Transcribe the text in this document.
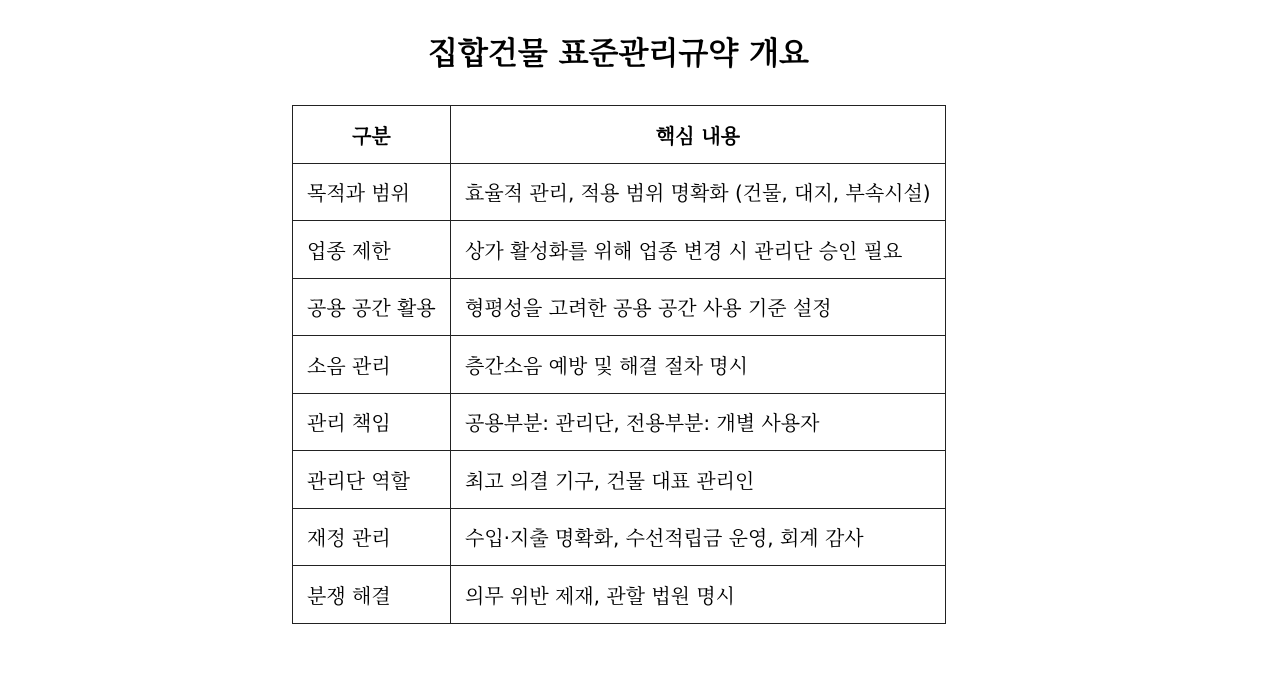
집합건물 표준관리규약 개요
구분	핵심 내용
목적과 범위	효율적 관리, 적용 범위 명확화 (건물, 대지, 부속시설)
업종 제한	상가 활성화를 위해 업종 변경 시 관리단 승인 필요
공용 공간 활용	형평성을 고려한 공용 공간 사용 기준 설정
소음 관리	층간소음 예방 및 해결 절차 명시
관리 책임	공용부분: 관리단, 전용부분: 개별 사용자
관리단 역할	최고 의결 기구, 건물 대표 관리인
재정 관리	수입·지출 명확화, 수선적립금 운영, 회계 감사
분쟁 해결	의무 위반 제재, 관할 법원 명시
